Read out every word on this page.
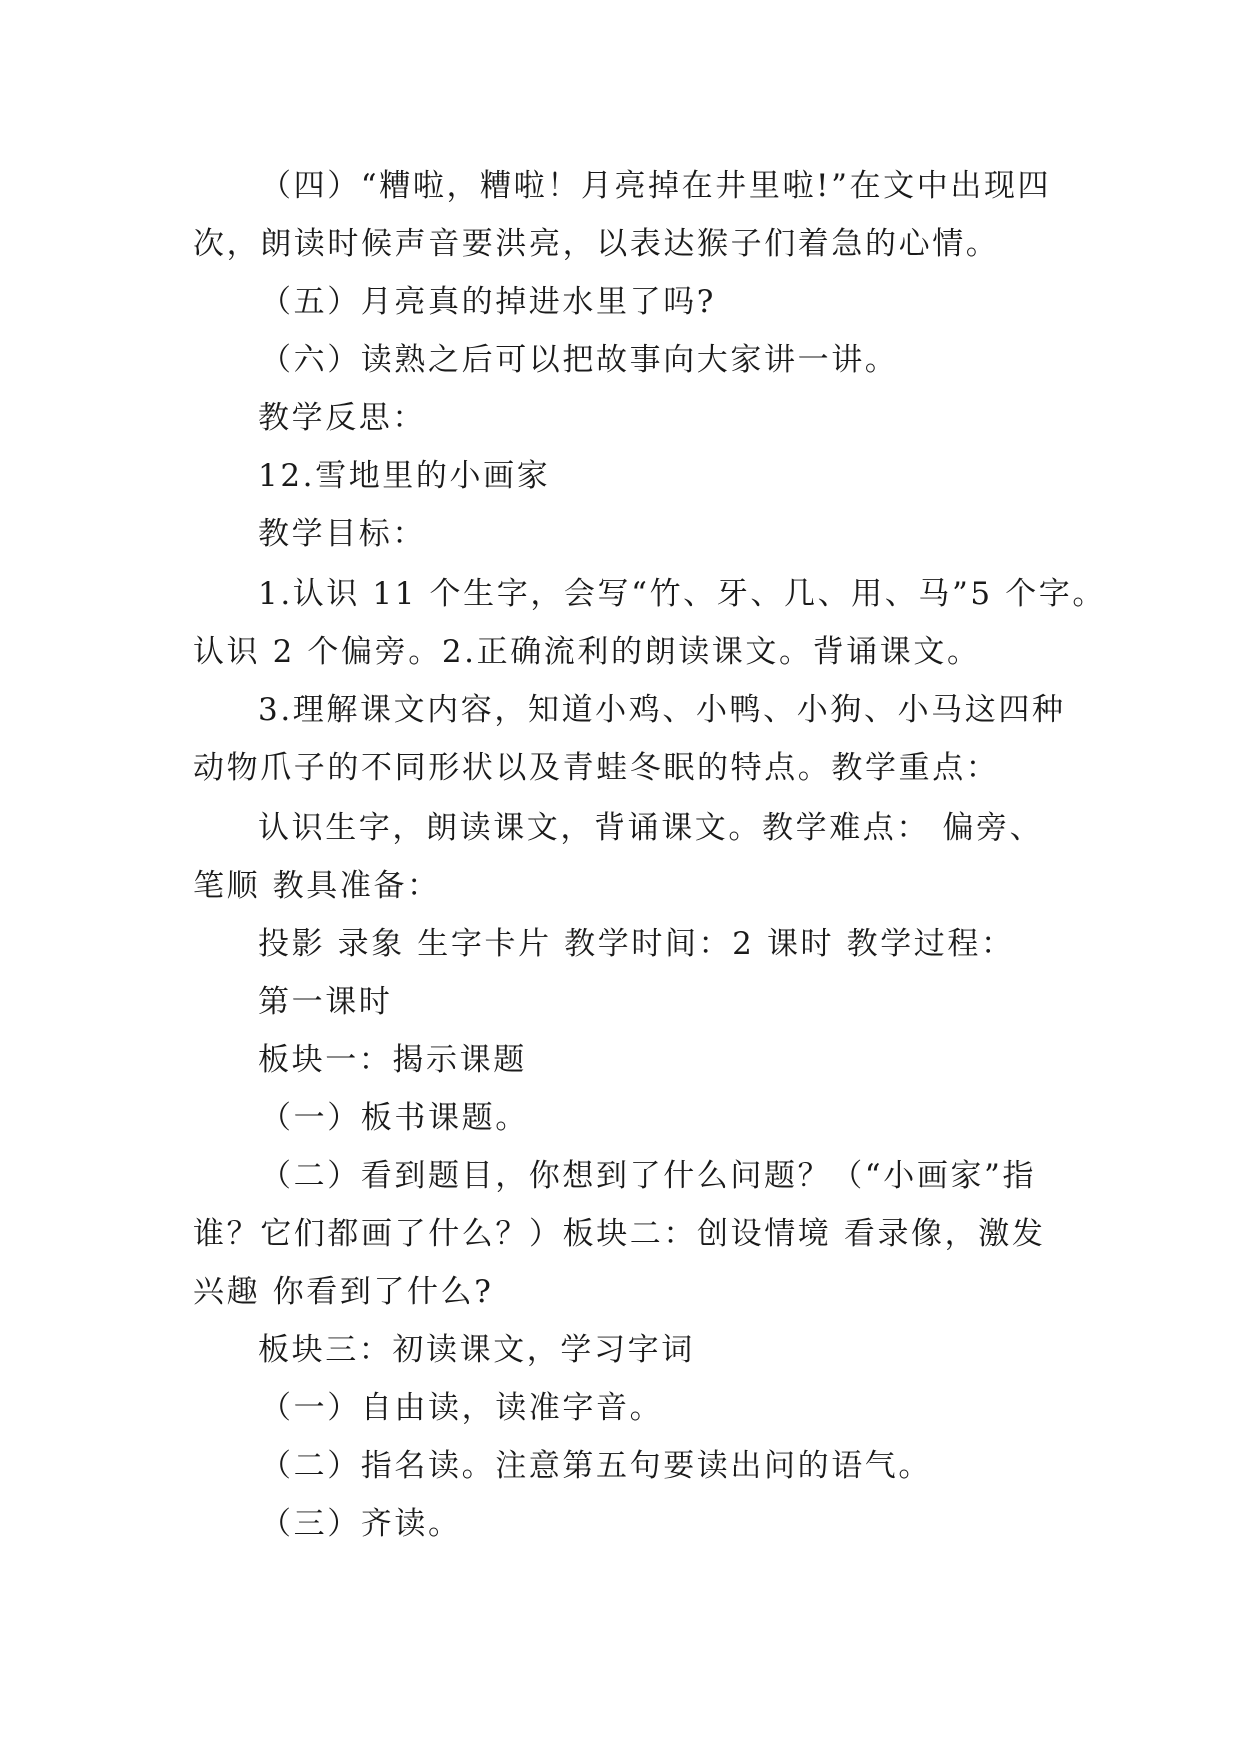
（四）“糟啦，糟啦！月亮掉在井里啦!”在文中出现四
次，朗读时候声音要洪亮，以表达猴子们着急的心情。
（五）月亮真的掉进水里了吗?
（六）读熟之后可以把故事向大家讲一讲。
教学反思：
12.雪地里的小画家
教学目标：
1.认识 11 个生字，会写“竹、牙、几、用、马”5 个字。
认识 2 个偏旁。2.正确流利的朗读课文。背诵课文。
3.理解课文内容，知道小鸡、小鸭、小狗、小马这四种
动物爪子的不同形状以及青蛙冬眠的特点。教学重点：
认识生字，朗读课文，背诵课文。教学难点： 偏旁、
笔顺 教具准备：
投影 录象 生字卡片 教学时间：2 课时 教学过程：
第一课时
板块一：揭示课题
（一）板书课题。
（二）看到题目，你想到了什么问题？（“小画家”指
谁？它们都画了什么？）板块二：创设情境 看录像，激发
兴趣 你看到了什么?
板块三：初读课文，学习字词
（一）自由读，读准字音。
（二）指名读。注意第五句要读出问的语气。
（三）齐读。
